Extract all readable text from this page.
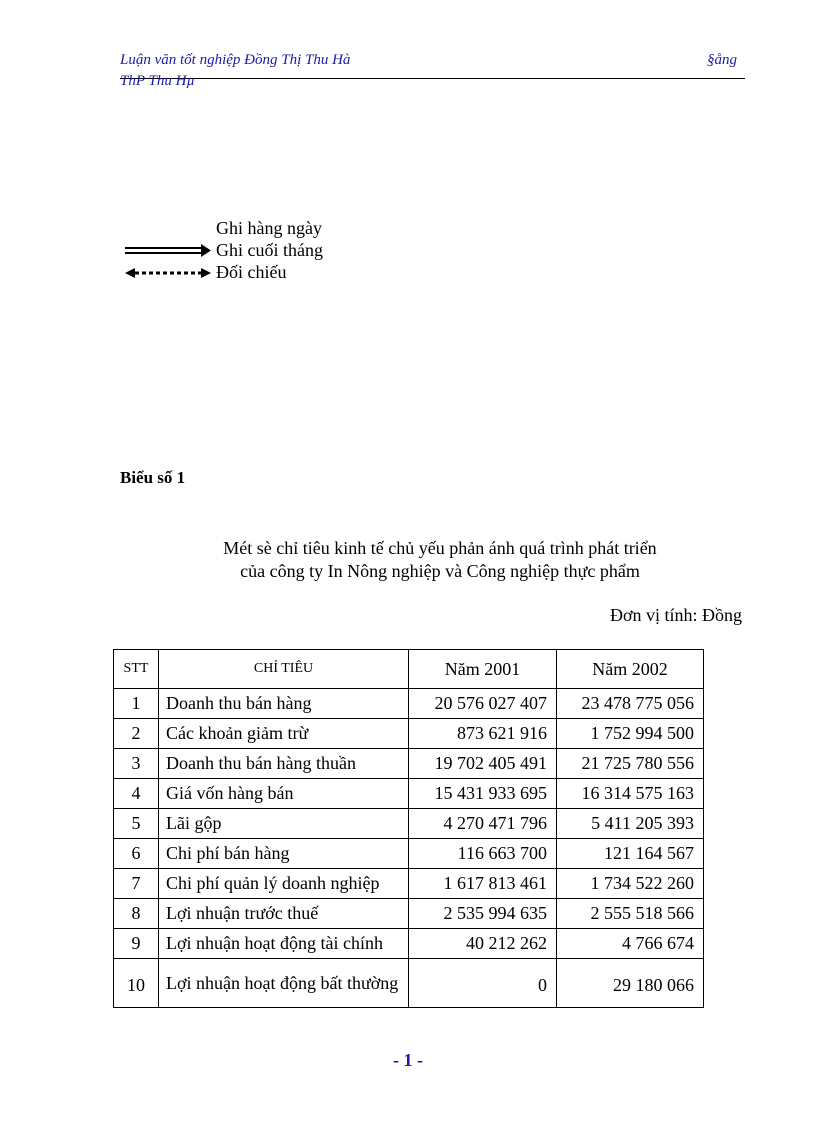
Luận văn tốt nghiệp Đồng Thị Thu Hà	§ång
ThP Thu Hµ
Ghi hàng ngày
Ghi cuối tháng
Đối chiếu
Biểu số 1
Mét sè chỉ tiêu kinh tế chủ yếu phản ánh quá trình phát triển
của công ty In Nông nghiệp và Công nghiệp thực phẩm
Đơn vị tính: Đồng
STT	CHỈ TIÊU	Năm 2001	Năm 2002
1	Doanh thu bán hàng	20 576 027 407	23 478 775 056
2	Các khoản giảm trừ	873 621 916	1 752 994 500
3	Doanh thu bán hàng thuần	19 702 405 491	21 725 780 556
4	Giá vốn hàng bán	15 431 933 695	16 314 575 163
5	Lãi gộp	4 270 471 796	5 411 205 393
6	Chi phí bán hàng	116 663 700	121 164 567
7	Chi phí quản lý doanh nghiệp	1 617 813 461	1 734 522 260
8	Lợi nhuận trước thuế	2 535 994 635	2 555 518 566
9	Lợi nhuận hoạt động tài chính	40 212 262	4 766 674
10	Lợi nhuận hoạt động bất thường	0	29 180 066
- 1 -
